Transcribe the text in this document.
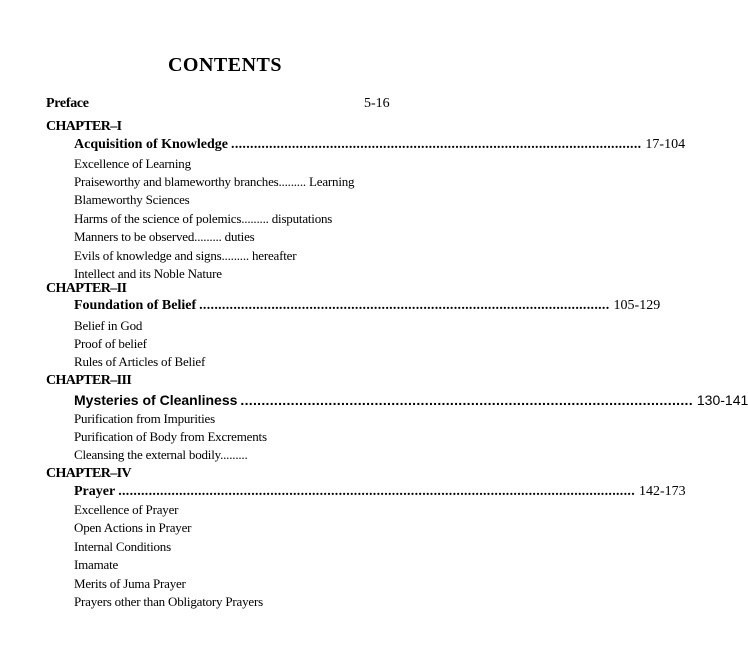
CONTENTS
Preface	5-16
CHAPTER–I
Acquisition of Knowledge ............................................................................................................ 17-104
Excellence of Learning
Praiseworthy and blameworthy branches......... Learning
Blameworthy Sciences
Harms of the science of polemics......... disputations
Manners to be observed......... duties
Evils of knowledge and signs......... hereafter
Intellect and its Noble Nature
CHAPTER–II
Foundation of Belief ............................................................................................................ 105-129
Belief in God
Proof of belief
Rules of Articles of Belief
CHAPTER–III
Mysteries of Cleanliness ............................................................................................................ 130-141
Purification from Impurities
Purification of Body from Excrements
Cleansing the external bodily.........
CHAPTER–IV
Prayer ........................................................................................................................................ 142-173
Excellence of Prayer
Open Actions in Prayer
Internal Conditions
Imamate
Merits of Juma Prayer
Prayers other than Obligatory Prayers
